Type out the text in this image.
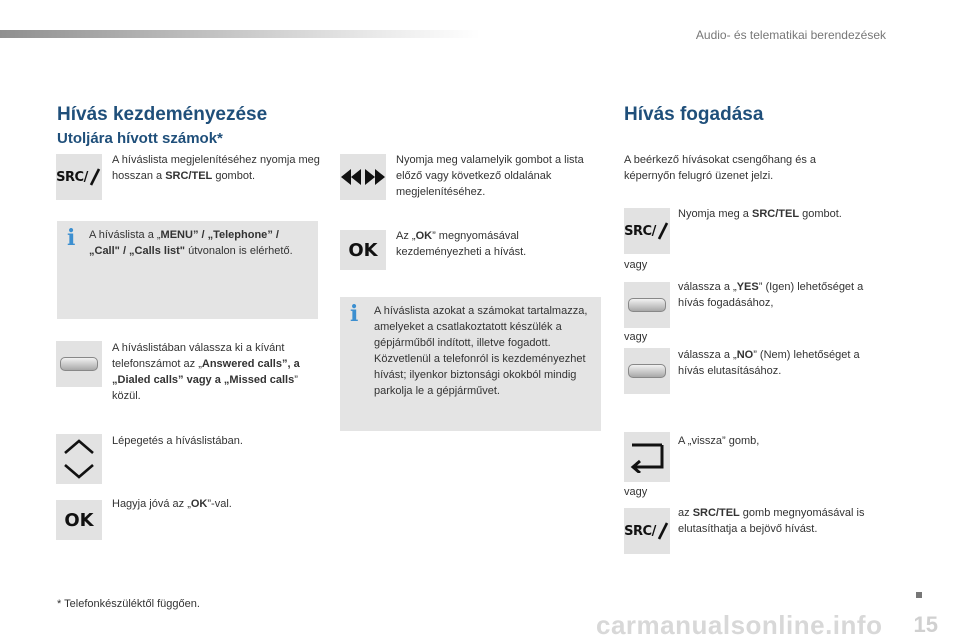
Audio- és telematikai berendezések
Hívás kezdeményezése
Utoljára hívott számok*
SRC/
A híváslista megjelenítéséhez nyomja meg hosszan a SRC/TEL gombot.
i A híváslista a „MENU” / „Telephone” / „Call" / „Calls list" útvonalon is elérhető.
A híváslistában válassza ki a kívánt telefonszámot az „Answered calls”, a „Dialed calls” vagy a „Missed calls” közül.
Lépegetés a híváslistában.
OK
Hagyja jóvá az „OK”-val.
* Telefonkészüléktől függően.
Nyomja meg valamelyik gombot a lista előző vagy következő oldalának megjelenítéséhez.
OK
Az „OK” megnyomásával kezdeményezheti a hívást.
i A híváslista azokat a számokat tartalmazza, amelyeket a csatlakoztatott készülék a gépjárműből indított, illetve fogadott. Közvetlenül a telefonról is kezdeményezhet hívást; ilyenkor biztonsági okokból mindig parkolja le a gépjárművet.
Hívás fogadása
A beérkező hívásokat csengőhang és a képernyőn felugró üzenet jelzi.
SRC/
Nyomja meg a SRC/TEL gombot.
vagy
válassza a „YES” (Igen) lehetőséget a hívás fogadásához,
vagy
válassza a „NO” (Nem) lehetőséget a hívás elutasításához.
A „vissza” gomb,
vagy
SRC/
az SRC/TEL gomb megnyomásával is elutasíthatja a bejövő hívást.
carmanualsonline.info 15
